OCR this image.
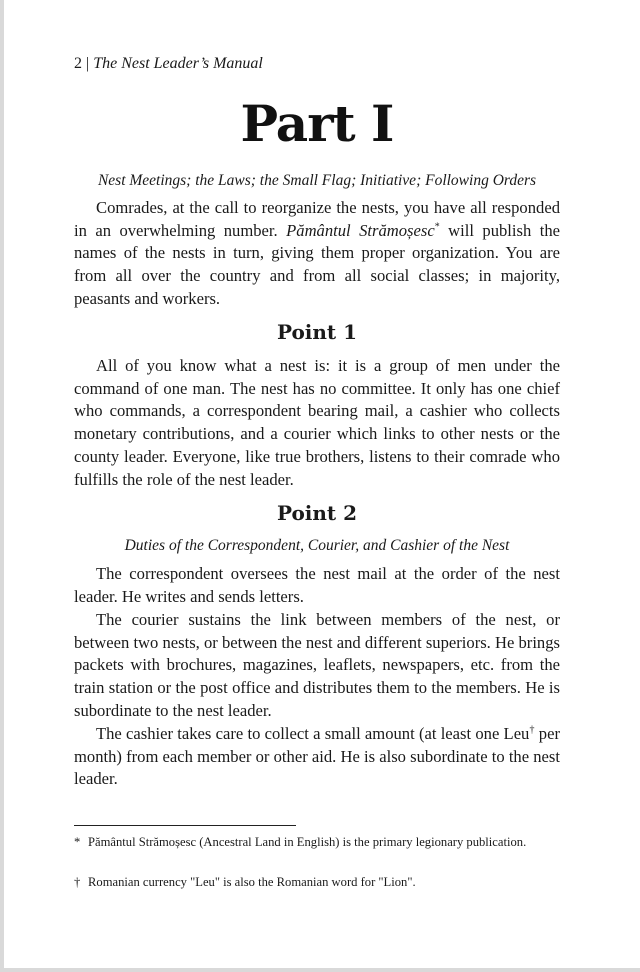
2 | The Nest Leader’s Manual
Part I
Nest Meetings; the Laws; the Small Flag; Initiative; Following Orders
Comrades, at the call to reorganize the nests, you have all responded in an overwhelming number. Pământul Strămoșesc* will publish the names of the nests in turn, giving them proper organization. You are from all over the country and from all social classes; in majority, peasants and workers.
Point 1
All of you know what a nest is: it is a group of men under the command of one man. The nest has no committee. It only has one chief who commands, a correspondent bearing mail, a cashier who collects monetary contributions, and a courier which links to other nests or the county leader. Everyone, like true brothers, listens to their comrade who fulfills the role of the nest leader.
Point 2
Duties of the Correspondent, Courier, and Cashier of the Nest
The correspondent oversees the nest mail at the order of the nest leader. He writes and sends letters.
The courier sustains the link between members of the nest, or between two nests, or between the nest and different superiors. He brings packets with brochures, magazines, leaflets, newspapers, etc. from the train station or the post office and distributes them to the members. He is subordinate to the nest leader.
The cashier takes care to collect a small amount (at least one Leu† per month) from each member or other aid. He is also subordinate to the nest leader.
* Pământul Strămoșesc (Ancestral Land in English) is the primary legionary publication.
† Romanian currency "Leu" is also the Romanian word for "Lion".
